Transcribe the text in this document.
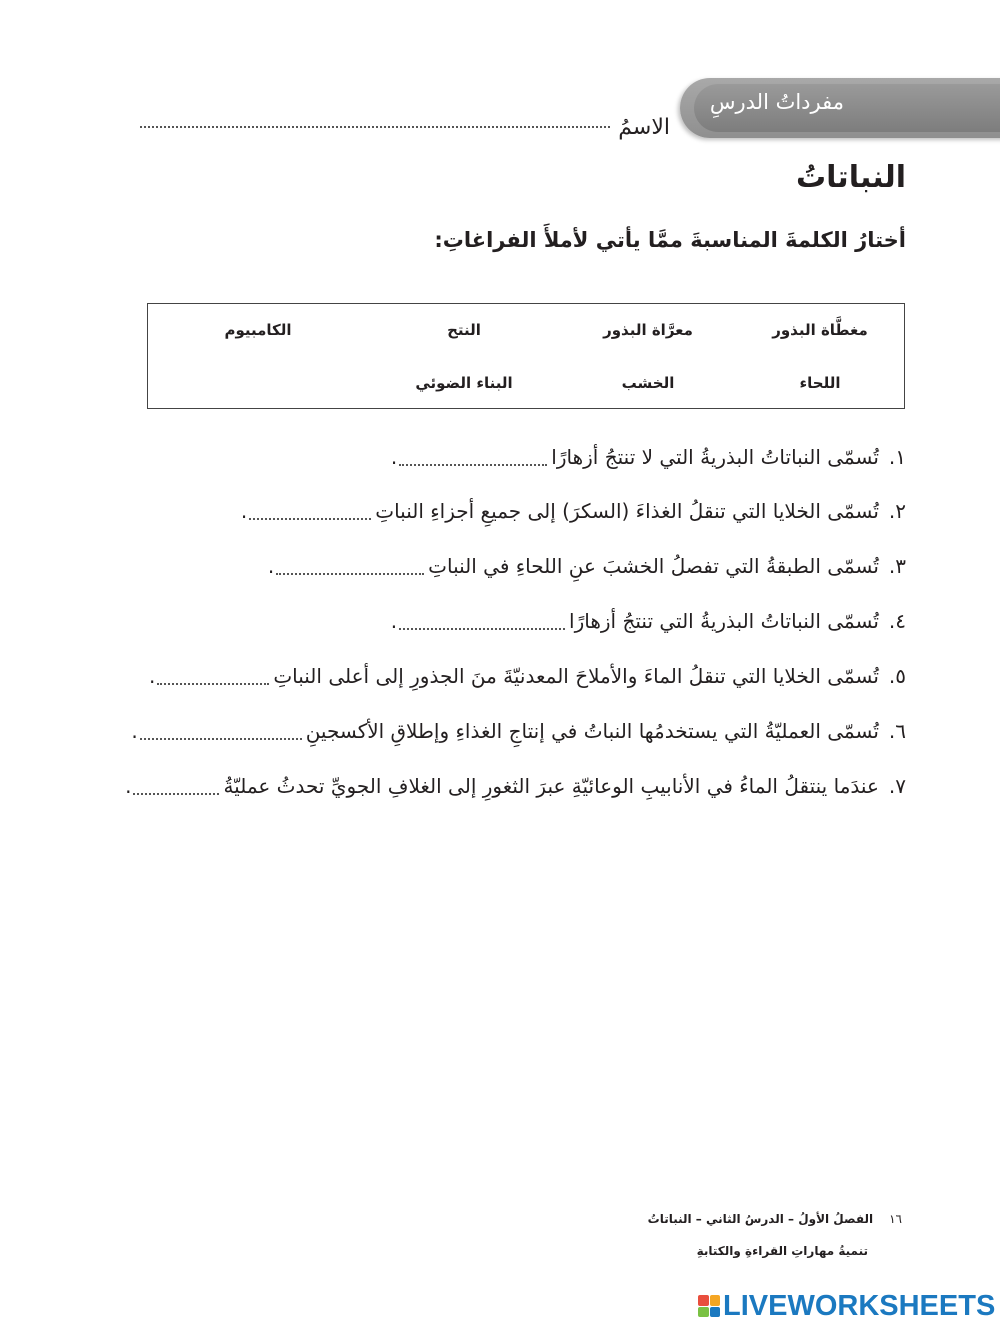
مفرداتُ الدرسِ
الاسمُ
النباتاتُ
أختارُ الكلمةَ المناسبةَ ممَّا يأتي لأملأَ الفراغاتِ:
مغطَّاة البذور
معرَّاة البذور
النتح
الكامبيوم
اللحاء
الخشب
البناء الضوئي
١.
تُسمّى النباتاتُ البذريةُ التي لا تنتجُ أزهارًا
.
٢.
تُسمّى الخلايا التي تنقلُ الغذاءَ (السكرَ) إلى جميعِ أجزاءِ النباتِ
.
٣.
تُسمّى الطبقةُ التي تفصلُ الخشبَ عنِ اللحاءِ في النباتِ
.
٤.
تُسمّى النباتاتُ البذريةُ التي تنتجُ أزهارًا
.
٥.
تُسمّى الخلايا التي تنقلُ الماءَ والأملاحَ المعدنيّةَ منَ الجذورِ إلى أعلى النباتِ
.
٦.
تُسمّى العمليّةُ التي يستخدمُها النباتُ في إنتاجِ الغذاءِ وإطلاقِ الأكسجينِ
.
٧.
عندَما ينتقلُ الماءُ في الأنابيبِ الوعائيّةِ عبرَ الثغورِ إلى الغلافِ الجويِّ تحدثُ عمليّةُ
.
١٦الفصلُ الأولُ – الدرسُ الثاني – النباتاتُ
تنميةُ مهاراتِ القراءةِ والكتابةِ
LIVEWORKSHEETS
